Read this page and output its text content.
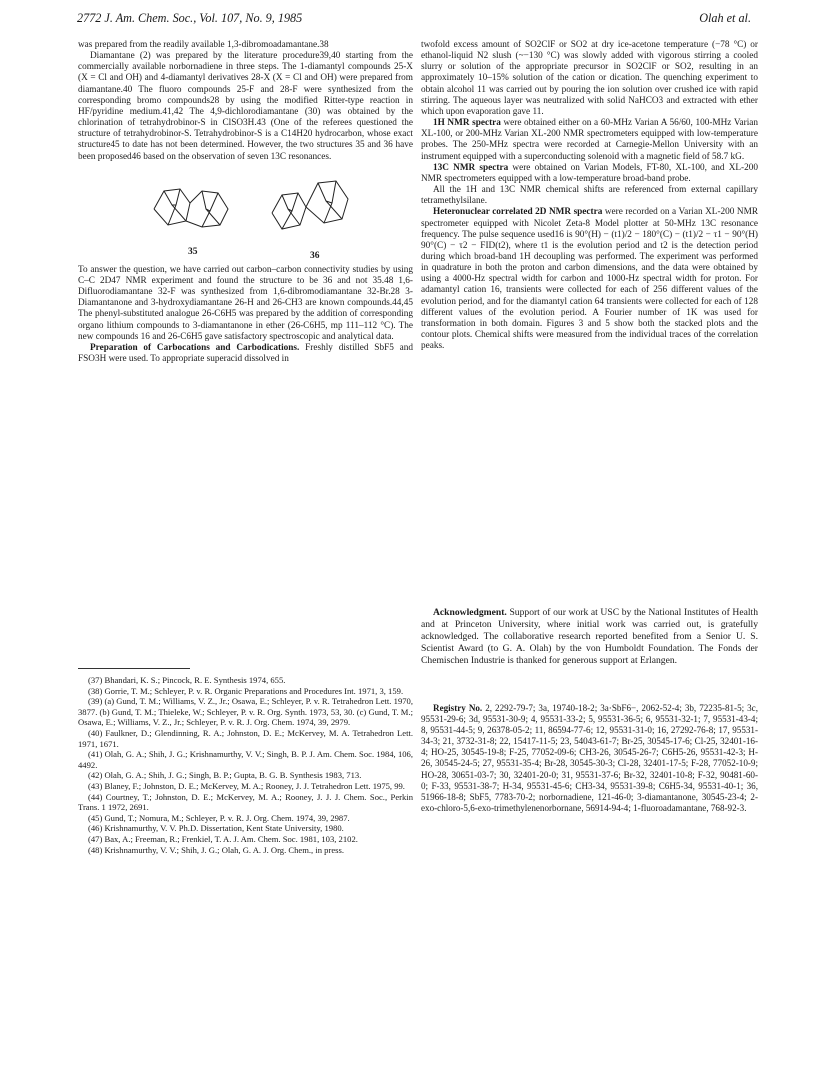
2772 J. Am. Chem. Soc., Vol. 107, No. 9, 1985	Olah et al.

was prepared from the readily available 1,3-dibromoadamantane.38

Diamantane (2) was prepared by the literature procedure39,40 starting from the commercially available norbornadiene in three steps. The 1-diamantyl compounds 25-X (X = Cl and OH) and 4-diamantyl derivatives 28-X (X = Cl and OH) were prepared from diamantane.40 The fluoro compounds 25-F and 28-F were synthesized from the corresponding bromo compounds28 by using the modified Ritter-type reaction in HF/pyridine medium.41,42 The 4,9-dichlorodiamantane (30) was obtained by the chlorination of tetrahydrobinor-S in ClSO3H.43 (One of the referees questioned the structure of tetrahydrobinor-S. Tetrahydrobinor-S is a C14H20 hydrocarbon, whose exact structure45 to date has not been determined. However, the two structures 35 and 36 have been proposed46 based on the observation of seven 13C resonances.

35	36

To answer the question, we have carried out carbon–carbon connectivity studies by using C–C 2D47 NMR experiment and found the structure to be 36 and not 35.48 1,6-Difluorodiamantane 32-F was synthesized from 1,6-dibromodiamantane 32-Br.28 3-Diamantanone and 3-hydroxydiamantane 26-H and 26-CH3 are known compounds.44,45 The phenyl-substituted analogue 26-C6H5 was prepared by the addition of corresponding organo lithium compounds to 3-diamantanone in ether (26-C6H5, mp 111–112 °C). The new compounds 16 and 26-C6H5 gave satisfactory spectroscopic and analytical data.

Preparation of Carbocations and Carbodications. Freshly distilled SbF5 and FSO3H were used. To appropriate superacid dissolved in

(37) Bhandari, K. S.; Pincock, R. E. Synthesis 1974, 655.

(38) Gorrie, T. M.; Schleyer, P. v. R. Organic Preparations and Procedures Int. 1971, 3, 159.

(39) (a) Gund, T. M.; Williams, V. Z., Jr.; Osawa, E.; Schleyer, P. v. R. Tetrahedron Lett. 1970, 3877. (b) Gund, T. M.; Thieleke, W.; Schleyer, P. v. R. Org. Synth. 1973, 53, 30. (c) Gund, T. M.; Osawa, E.; Williams, V. Z., Jr.; Schleyer, P. v. R. J. Org. Chem. 1974, 39, 2979.

(40) Faulkner, D.; Glendinning, R. A.; Johnston, D. E.; McKervey, M. A. Tetrahedron Lett. 1971, 1671.

(41) Olah, G. A.; Shih, J. G.; Krishnamurthy, V. V.; Singh, B. P. J. Am. Chem. Soc. 1984, 106, 4492.

(42) Olah, G. A.; Shih, J. G.; Singh, B. P.; Gupta, B. G. B. Synthesis 1983, 713.

(43) Blaney, F.; Johnston, D. E.; McKervey, M. A.; Rooney, J. J. Tetrahedron Lett. 1975, 99.

(44) Courtney, T.; Johnston, D. E.; McKervey, M. A.; Rooney, J. J. J. Chem. Soc., Perkin Trans. 1 1972, 2691.

(45) Gund, T.; Nomura, M.; Schleyer, P. v. R. J. Org. Chem. 1974, 39, 2987.

(46) Krishnamurthy, V. V. Ph.D. Dissertation, Kent State University, 1980.

(47) Bax, A.; Freeman, R.; Frenkiel, T. A. J. Am. Chem. Soc. 1981, 103, 2102.

(48) Krishnamurthy, V. V.; Shih, J. G.; Olah, G. A. J. Org. Chem., in press.

twofold excess amount of SO2ClF or SO2 at dry ice-acetone temperature (−78 °C) or ethanol-liquid N2 slush (~−130 °C) was slowly added with vigorous stirring a cooled slurry or solution of the appropriate precursor in SO2ClF or SO2, resulting in an approximately 10–15% solution of the cation or dication. The quenching experiment to obtain alcohol 11 was carried out by pouring the ion solution over crushed ice with rapid stirring. The aqueous layer was neutralized with solid NaHCO3 and extracted with ether which upon evaporation gave 11.

1H NMR spectra were obtained either on a 60-MHz Varian A 56/60, 100-MHz Varian XL-100, or 200-MHz Varian XL-200 NMR spectrometers equipped with low-temperature probes. The 250-MHz spectra were recorded at Carnegie-Mellon University with an instrument equipped with a superconducting solenoid with a magnetic field of 58.7 kG.

13C NMR spectra were obtained on Varian Models, FT-80, XL-100, and XL-200 NMR spectrometers equipped with a low-temperature broad-band probe.

All the 1H and 13C NMR chemical shifts are referenced from external capillary tetramethylsilane.

Heteronuclear correlated 2D NMR spectra were recorded on a Varian XL-200 NMR spectrometer equipped with Nicolet Zeta-8 Model plotter at 50-MHz 13C resonance frequency. The pulse sequence used16 is 90°(H) − (t1)/2 − 180°(C) − (t1)/2 − τ1 − 90°(H) 90°(C) − τ2 − FID(t2), where t1 is the evolution period and t2 is the detection period during which broad-band 1H decoupling was performed. The experiment was performed in quadrature in both the proton and carbon dimensions, and the data were obtained by using a 4000-Hz spectral width for carbon and 1000-Hz spectral width for proton. For adamantyl cation 16, transients were collected for each of 256 different values of the evolution period, and for the diamantyl cation 64 transients were collected for each of 128 different values of the evolution period. A Fourier number of 1K was used for transformation in both domain. Figures 3 and 5 show both the stacked plots and the contour plots. Chemical shifts were measured from the individual traces of the correlation peaks.

Acknowledgment. Support of our work at USC by the National Institutes of Health and at Princeton University, where initial work was carried out, is gratefully acknowledged. The collaborative research reported benefited from a Senior U. S. Scientist Award (to G. A. Olah) by the von Humboldt Foundation. The Fonds der Chemischen Industrie is thanked for generous support at Erlangen.

Registry No. 2, 2292-79-7; 3a, 19740-18-2; 3a·SbF6−, 2062-52-4; 3b, 72235-81-5; 3c, 95531-29-6; 3d, 95531-30-9; 4, 95531-33-2; 5, 95531-36-5; 6, 95531-32-1; 7, 95531-43-4; 8, 95531-44-5; 9, 26378-05-2; 11, 86594-77-6; 12, 95531-31-0; 16, 27292-76-8; 17, 95531-34-3; 21, 3732-31-8; 22, 15417-11-5; 23, 54043-61-7; Br-25, 30545-17-6; Cl-25, 32401-16-4; HO-25, 30545-19-8; F-25, 77052-09-6; CH3-26, 30545-26-7; C6H5-26, 95531-42-3; H-26, 30545-24-5; 27, 95531-35-4; Br-28, 30545-30-3; Cl-28, 32401-17-5; F-28, 77052-10-9; HO-28, 30651-03-7; 30, 32401-20-0; 31, 95531-37-6; Br-32, 32401-10-8; F-32, 90481-60-0; F-33, 95531-38-7; H-34, 95531-45-6; CH3-34, 95531-39-8; C6H5-34, 95531-40-1; 36, 51966-18-8; SbF5, 7783-70-2; norbornadiene, 121-46-0; 3-diamantanone, 30545-23-4; 2-exo-chloro-5,6-exo-trimethylenenorbornane, 56914-94-4; 1-fluoroadamantane, 768-92-3.
